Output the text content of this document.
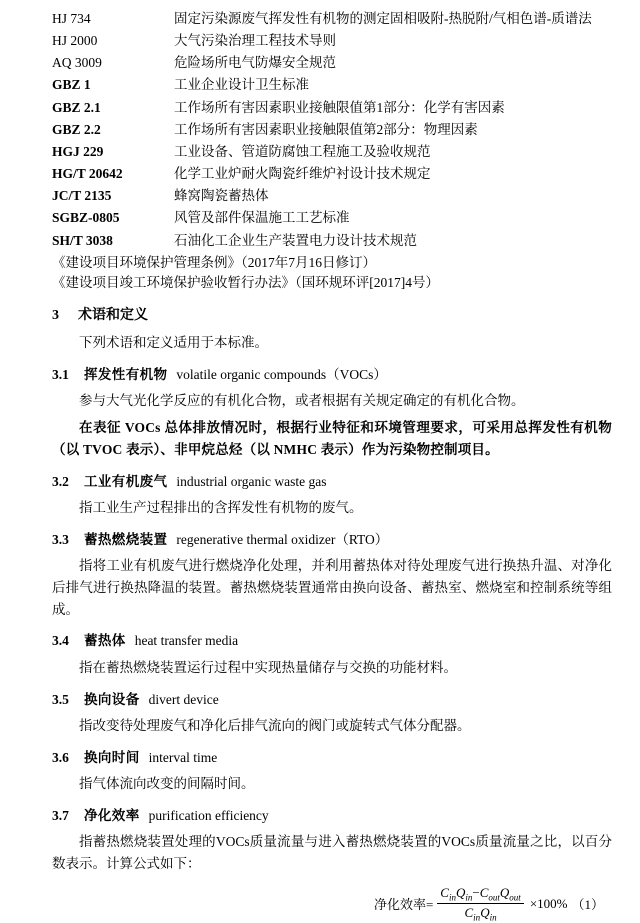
HJ 734	固定污染源废气挥发性有机物的测定固相吸附-热脱附/气相色谱-质谱法
HJ 2000	大气污染治理工程技术导则
AQ 3009	危险场所电气防爆安全规范
GBZ 1	工业企业设计卫生标准
GBZ 2.1	工作场所有害因素职业接触限值第1部分：化学有害因素
GBZ 2.2	工作场所有害因素职业接触限值第2部分：物理因素
HGJ 229	工业设备、管道防腐蚀工程施工及验收规范
HG/T 20642	化学工业炉耐火陶瓷纤维炉衬设计技术规定
JC/T 2135	蜂窝陶瓷蓄热体
SGBZ-0805	风管及部件保温施工工艺标准
SH/T 3038	石油化工企业生产装置电力设计技术规范

《建设项目环境保护管理条例》（2017年7月16日修订）

《建设项目竣工环境保护验收暂行办法》（国环规环评[2017]4号）

3 术语和定义

下列术语和定义适用于本标准。

3.1	挥发性有机物 volatile organic compounds（VOCs）

参与大气光化学反应的有机化合物，或者根据有关规定确定的有机化合物。

在表征 VOCs 总体排放情况时，根据行业特征和环境管理要求，可采用总挥发性有机物（以 TVOC 表示）、非甲烷总烃（以 NMHC 表示）作为污染物控制项目。

3.2	工业有机废气 industrial organic waste gas

指工业生产过程排出的含挥发性有机物的废气。

3.3	蓄热燃烧装置 regenerative thermal oxidizer（RTO）

指将工业有机废气进行燃烧净化处理，并利用蓄热体对待处理废气进行换热升温、对净化后排气进行换热降温的装置。蓄热燃烧装置通常由换向设备、蓄热室、燃烧室和控制系统等组成。

3.4	蓄热体 heat transfer media

指在蓄热燃烧装置运行过程中实现热量储存与交换的功能材料。

3.5	换向设备 divert device

指改变待处理废气和净化后排气流向的阀门或旋转式气体分配器。

3.6	换向时间 interval time

指气体流向改变的间隔时间。

3.7	净化效率 purification efficiency

指蓄热燃烧装置处理的VOCs质量流量与进入蓄热燃烧装置的VOCs质量流量之比，以百分数表示。计算公式如下：

净化效率= $\frac{C_{in}Q_{in}-C_{out}Q_{out}}{C_{in}Q_{in}} \times 100\%$ （1）
